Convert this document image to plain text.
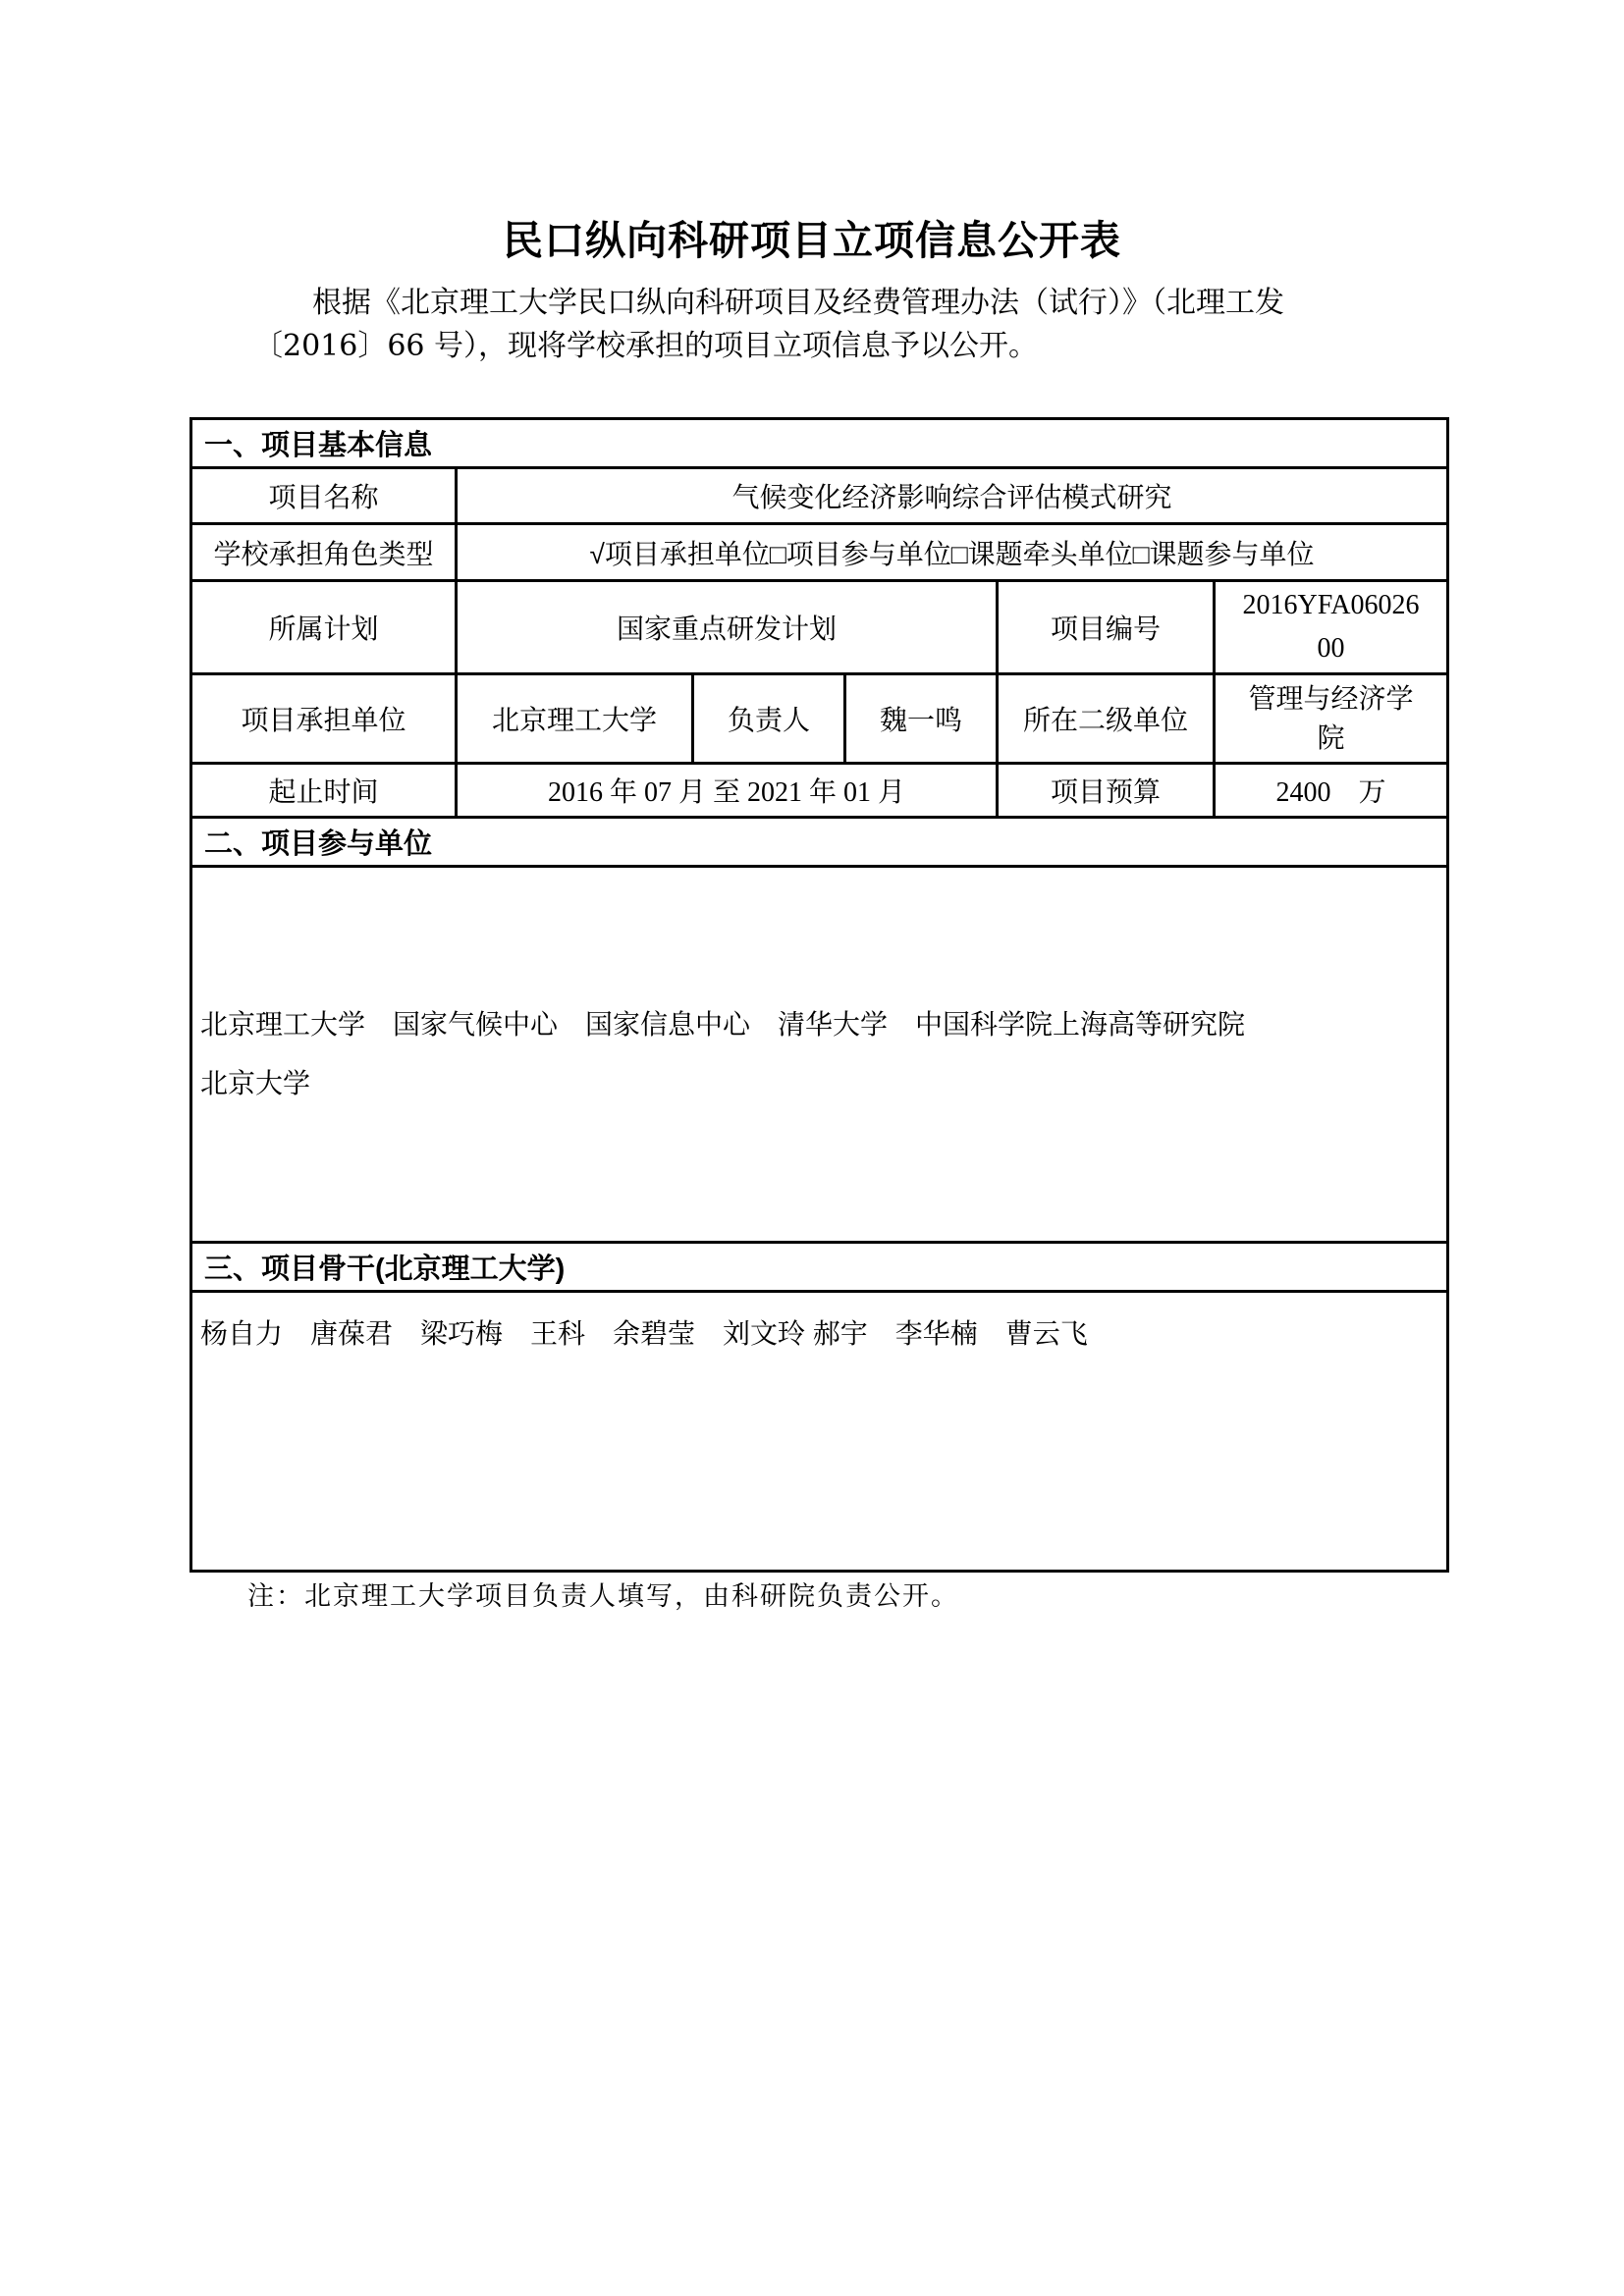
民口纵向科研项目立项信息公开表
根据《北京理工大学民口纵向科研项目及经费管理办法（试行）》（北理工发
〔2016〕66 号），现将学校承担的项目立项信息予以公开。
一、项目基本信息					
项目名称	气候变化经济影响综合评估模式研究				
学校承担角色类型	√项目承担单位□项目参与单位□课题牵头单位□课题参与单位				
所属计划	国家重点研发计划			项目编号	2016YFA0602600
项目承担单位	北京理工大学	负责人	魏一鸣	所在二级单位	管理与经济学院
起止时间	2016 年 07 月 至 2021 年 01 月			项目预算	2400　万
二、项目参与单位					

北京理工大学　国家气候中心　国家信息中心　清华大学　中国科学院上海高等研究院
北京大学					

三、项目骨干(北京理工大学)					

杨自力　唐葆君　梁巧梅　王科　余碧莹　刘文玲 郝宇　李华楠　曹云飞					
注：北京理工大学项目负责人填写，由科研院负责公开。
